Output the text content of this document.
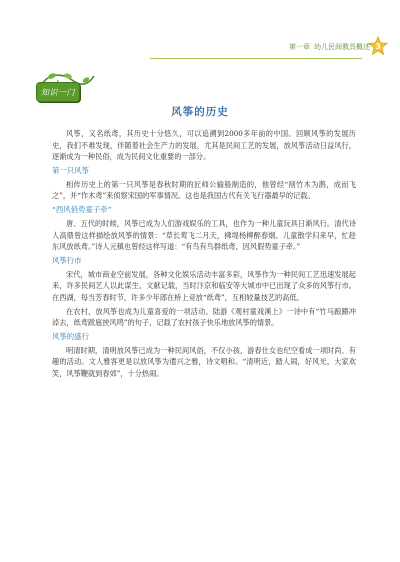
第一章 幼儿民间教具概述 3
知识一门
风筝的历史

风筝，又名纸鸢，其历史十分悠久，可以追溯到2000多年前的中国。回顾风筝的发展历史，我们不难发现，伴随着社会生产力的发展，尤其是民间工艺的发展，放风筝活动日益风行，逐渐成为一种民俗，成为民间文化重要的一部分。

第一只风筝

相传历史上的第一只风筝是春秋时期的匠师公输般制造的，他曾经“削竹木为鹊，成而飞之”，并“作木鸢”来侦察宋国的军事情况。这也是我国古代有关飞行器最早的记载。

“西风俏势童子牵”

唐、五代的时候，风筝已成为人们游戏娱乐的工具，也作为一种儿童玩具日渐风行。清代诗人高鼎曾这样描绘放风筝的情景：“草长莺飞二月天，拂堤杨柳醉春烟。儿童散学归来早，忙趁东风放纸鸢。”诗人元稹也曾经这样写道：“有鸟有鸟群纸鸢，因风假势童子牵。”

风筝行市

宋代，城市商业空前发展，各种文化娱乐活动丰富多彩，风筝作为一种民间工艺迅速发展起来，许多民间艺人以此谋生。文献记载，当时汴京和临安等大城市中已出现了众多的风筝行市。在西湖，每当芳春时节，许多少年郎在桥上竞放“纸鸢”，互相较量技艺的高低。

在农村，放风筝也成为儿童喜爱的一项活动。陆游《观村童戏溪上》一诗中有“竹马踉蹡冲淖去，纸鸢跋扈挟风鸣”的句子，记载了农村孩子快乐地放风筝的情景。

风筝的盛行

明清时期，清明放风筝已成为一种民间风俗，不仅小孩，游春仕女也纪空看成一项时尚、有趣的活动。文人雅客更是以放风筝为遣兴之雅，诗文唱和。“清明近，踏人闹，好风光，大家欢笑，风筝鞭就到春郊”，十分热闹。
